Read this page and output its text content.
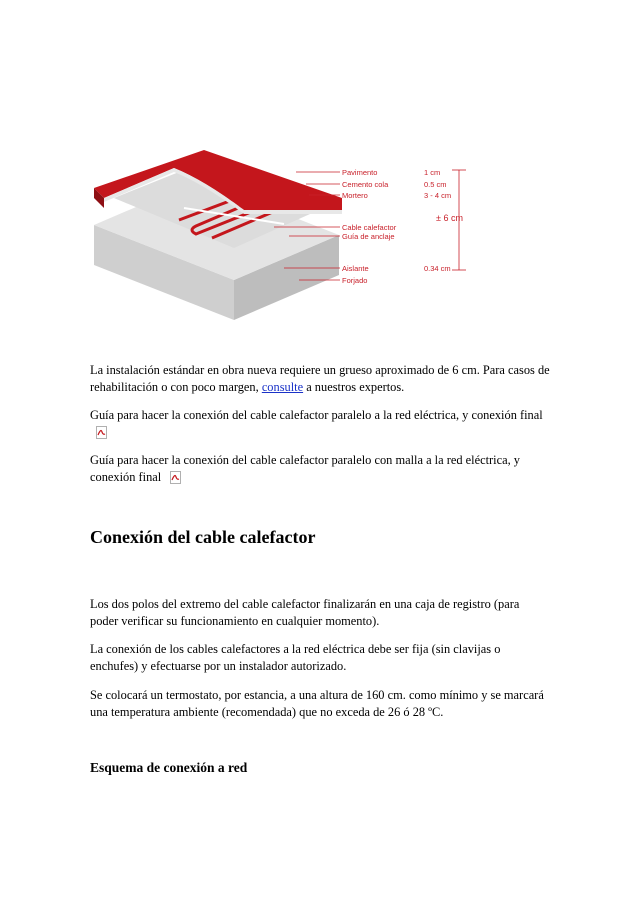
Pavimento	1 cm
Cemento cola	0.5 cm
Mortero	3 - 4 cm
Cable calefactor
Guía de anclaje
Aislante	0.34 cm
Forjado
± 6 cm

La instalación estándar en obra nueva requiere un grueso aproximado de 6 cm. Para casos de rehabilitación o con poco margen, consulte a nuestros expertos.

Guía para hacer la conexión del cable calefactor paralelo a la red eléctrica, y conexión final

Guía para hacer la conexión del cable calefactor paralelo con malla a la red eléctrica, y conexión final

Conexión del cable calefactor

Los dos polos del extremo del cable calefactor finalizarán en una caja de registro (para poder verificar su funcionamiento en cualquier momento).

La conexión de los cables calefactores a la red eléctrica debe ser fija (sin clavijas o enchufes) y efectuarse por un instalador autorizado.

Se colocará un termostato, por estancia, a una altura de 160 cm. como mínimo y se marcará una temperatura ambiente (recomendada) que no exceda de 26 ó 28 ºC.

Esquema de conexión a red
